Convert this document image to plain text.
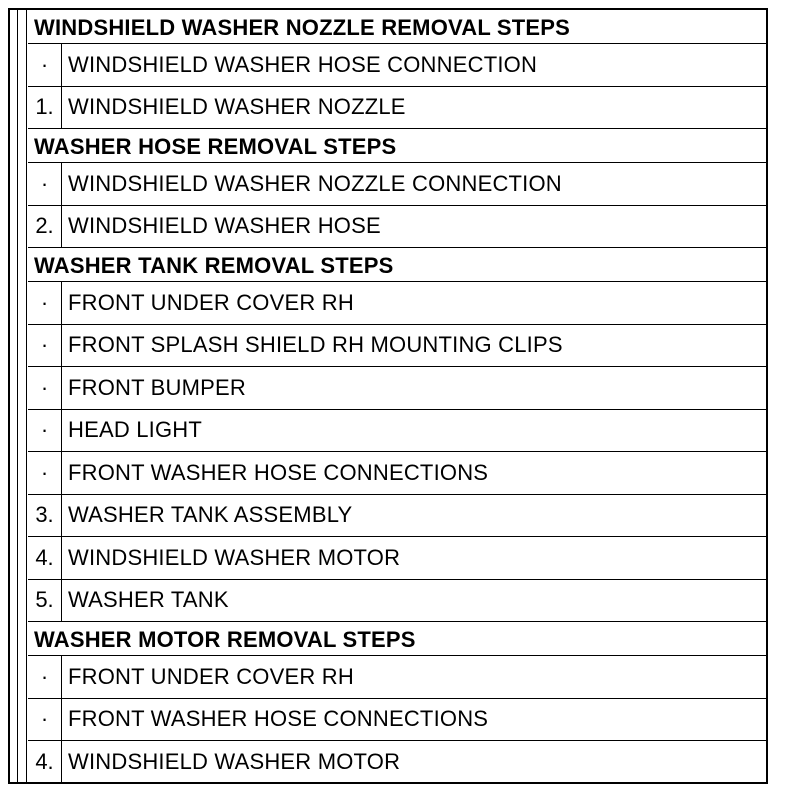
WINDSHIELD WASHER NOZZLE REMOVAL STEPS
· WINDSHIELD WASHER HOSE CONNECTION
1. WINDSHIELD WASHER NOZZLE
WASHER HOSE REMOVAL STEPS
· WINDSHIELD WASHER NOZZLE CONNECTION
2. WINDSHIELD WASHER HOSE
WASHER TANK REMOVAL STEPS
· FRONT UNDER COVER RH
· FRONT SPLASH SHIELD RH MOUNTING CLIPS
· FRONT BUMPER
· HEAD LIGHT
· FRONT WASHER HOSE CONNECTIONS
3. WASHER TANK ASSEMBLY
4. WINDSHIELD WASHER MOTOR
5. WASHER TANK
WASHER MOTOR REMOVAL STEPS
· FRONT UNDER COVER RH
· FRONT WASHER HOSE CONNECTIONS
4. WINDSHIELD WASHER MOTOR
